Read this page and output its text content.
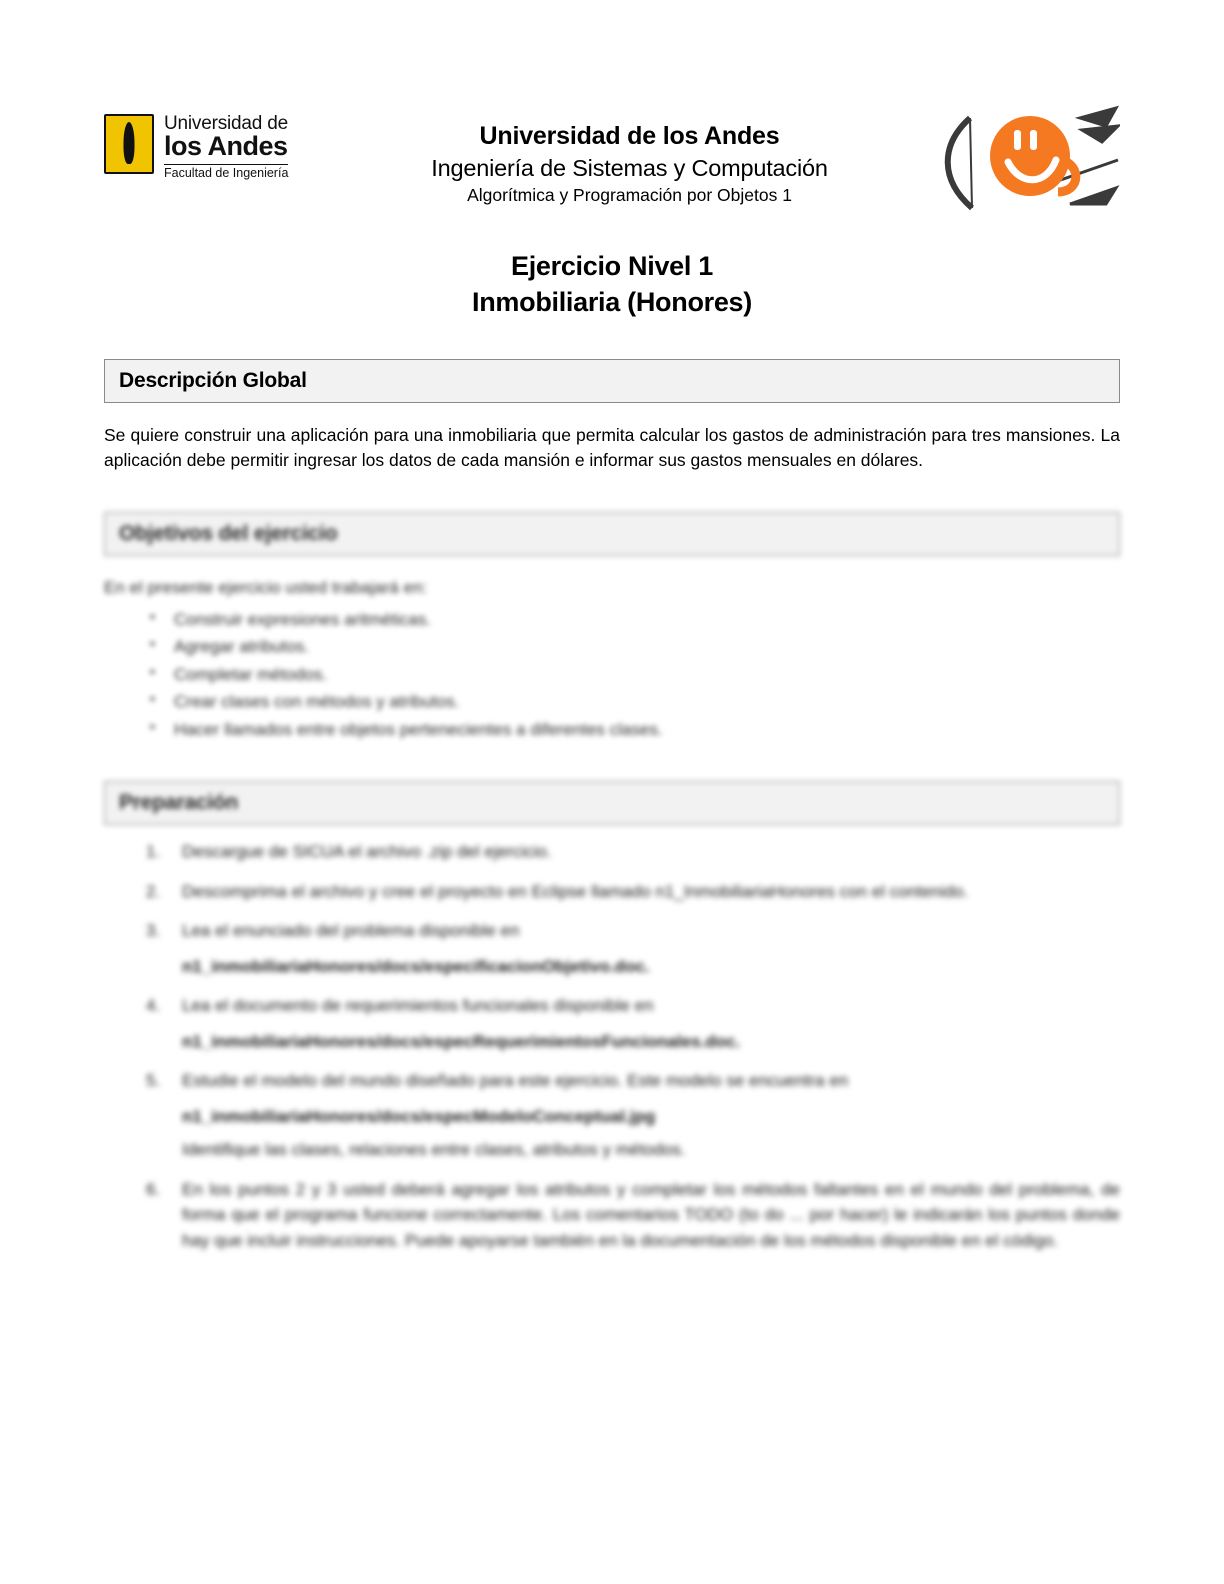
Universidad de
los Andes
Facultad de Ingeniería
Universidad de los Andes
Ingeniería de Sistemas y Computación
Algorítmica y Programación por Objetos 1
Ejercicio Nivel 1
Inmobiliaria (Honores)
Descripción Global
Se quiere construir una aplicación para una inmobiliaria que permita calcular los gastos de administración para tres mansiones. La aplicación debe permitir ingresar los datos de cada mansión e informar sus gastos mensuales en dólares.
Objetivos del ejercicio
En el presente ejercicio usted trabajará en:
▪ Construir expresiones aritméticas.
▪ Agregar atributos.
▪ Completar métodos.
▪ Crear clases con métodos y atributos.
▪ Hacer llamados entre objetos pertenecientes a diferentes clases.
Preparación
Descargue de SICUA el archivo .zip del ejercicio.
Descomprima el archivo y cree el proyecto en Eclipse llamado n1_InmobiliariaHonores con el contenido.
Lea el enunciado del problema disponible en
n1_inmobiliariaHonores/docs/especificacionObjetivo.doc.
Lea el documento de requerimientos funcionales disponible en
n1_inmobiliariaHonores/docs/especRequerimientosFuncionales.doc.
Estudie el modelo del mundo diseñado para este ejercicio. Este modelo se encuentra en
n1_inmobiliariaHonores/docs/especModeloConceptual.jpg
Identifique las clases, relaciones entre clases, atributos y métodos.
En los puntos 2 y 3 usted deberá agregar los atributos y completar los métodos faltantes en el mundo del problema, de forma que el programa funcione correctamente. Los comentarios TODO (to do ... por hacer) le indicarán los puntos donde hay que incluir instrucciones. Puede apoyarse también en la documentación de los métodos disponible en el código.
